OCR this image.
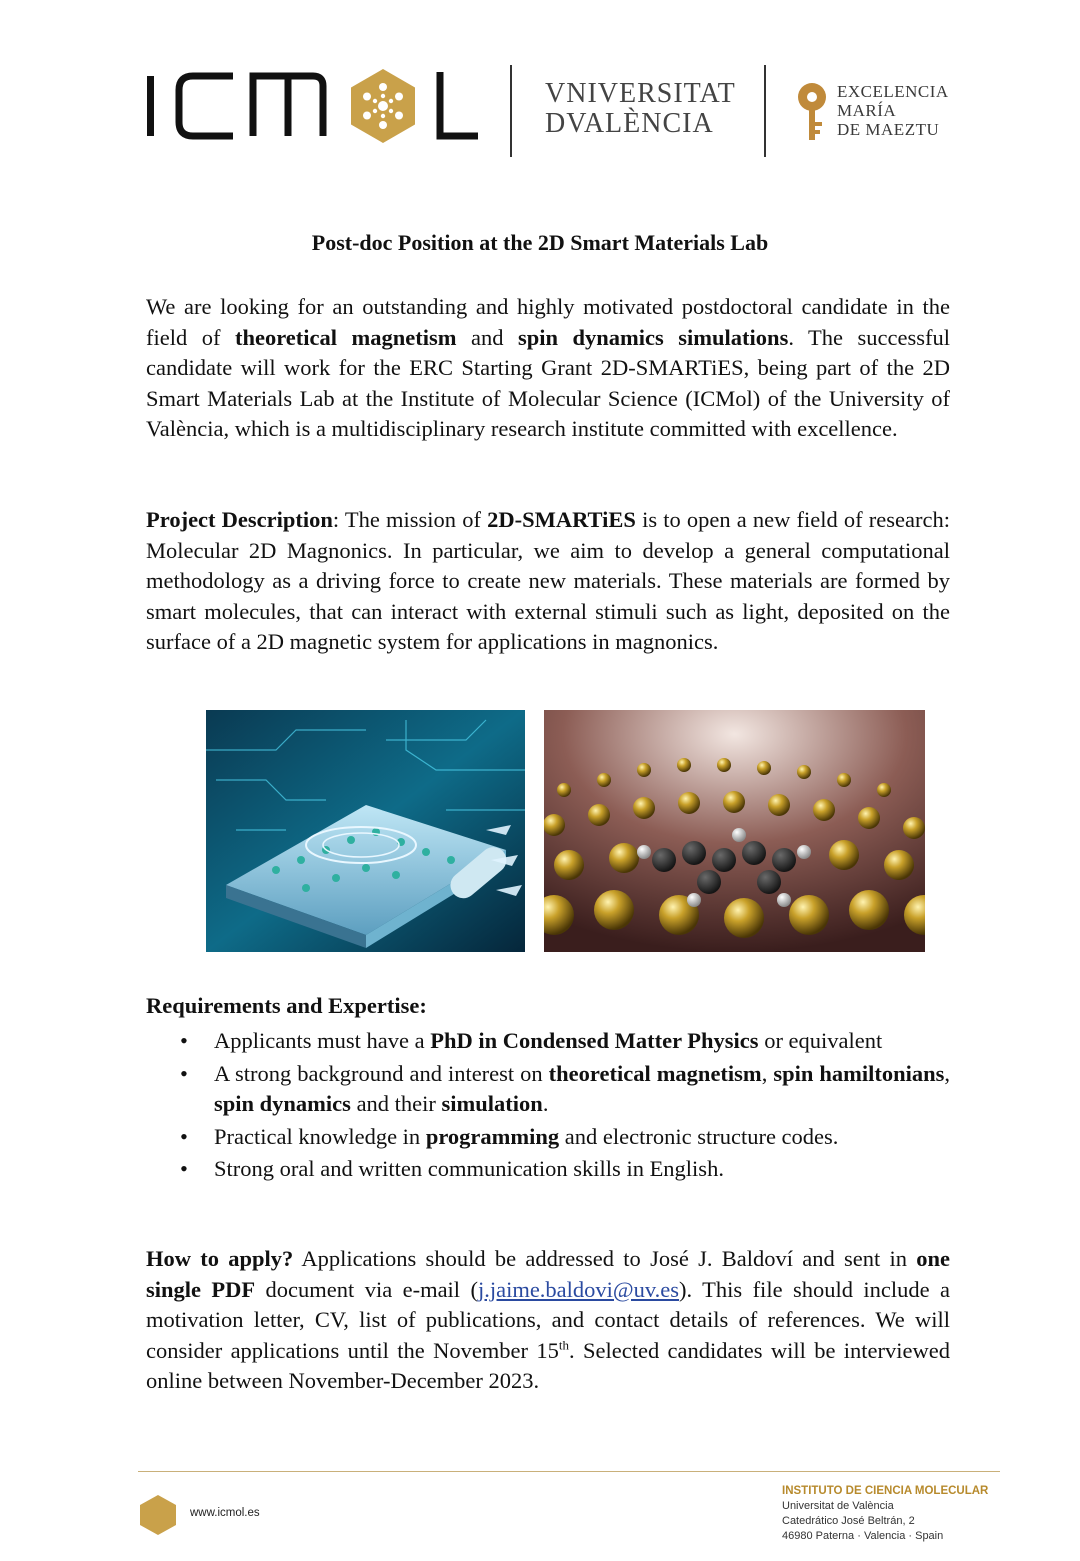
VNIVERSITAT
DVALÈNCIA
EXCELENCIA
MARÍA
DE MAEZTU
Post-doc Position at the 2D Smart Materials Lab
We are looking for an outstanding and highly motivated postdoctoral candidate in the field of theoretical magnetism and spin dynamics simulations. The successful candidate will work for the ERC Starting Grant 2D-SMARTiES, being part of the 2D Smart Materials Lab at the Institute of Molecular Science (ICMol) of the University of València, which is a multidisciplinary research institute committed with excellence.
Project Description: The mission of 2D-SMARTiES is to open a new field of research: Molecular 2D Magnonics. In particular, we aim to develop a general computational methodology as a driving force to create new materials. These materials are formed by smart molecules, that can interact with external stimuli such as light, deposited on the surface of a 2D magnetic system for applications in magnonics.
Requirements and Expertise:
• Applicants must have a PhD in Condensed Matter Physics or equivalent
• A strong background and interest on theoretical magnetism, spin hamiltonians, spin dynamics and their simulation.
• Practical knowledge in programming and electronic structure codes.
• Strong oral and written communication skills in English.
How to apply? Applications should be addressed to José J. Baldoví and sent in one single PDF document via e-mail (j.jaime.baldovi@uv.es). This file should include a motivation letter, CV, list of publications, and contact details of references. We will consider applications until the November 15th. Selected candidates will be interviewed online between November-December 2023.
www.icmol.es
INSTITUTO DE CIENCIA MOLECULAR
Universitat de València
Catedrático José Beltrán, 2
46980 Paterna · Valencia · Spain
